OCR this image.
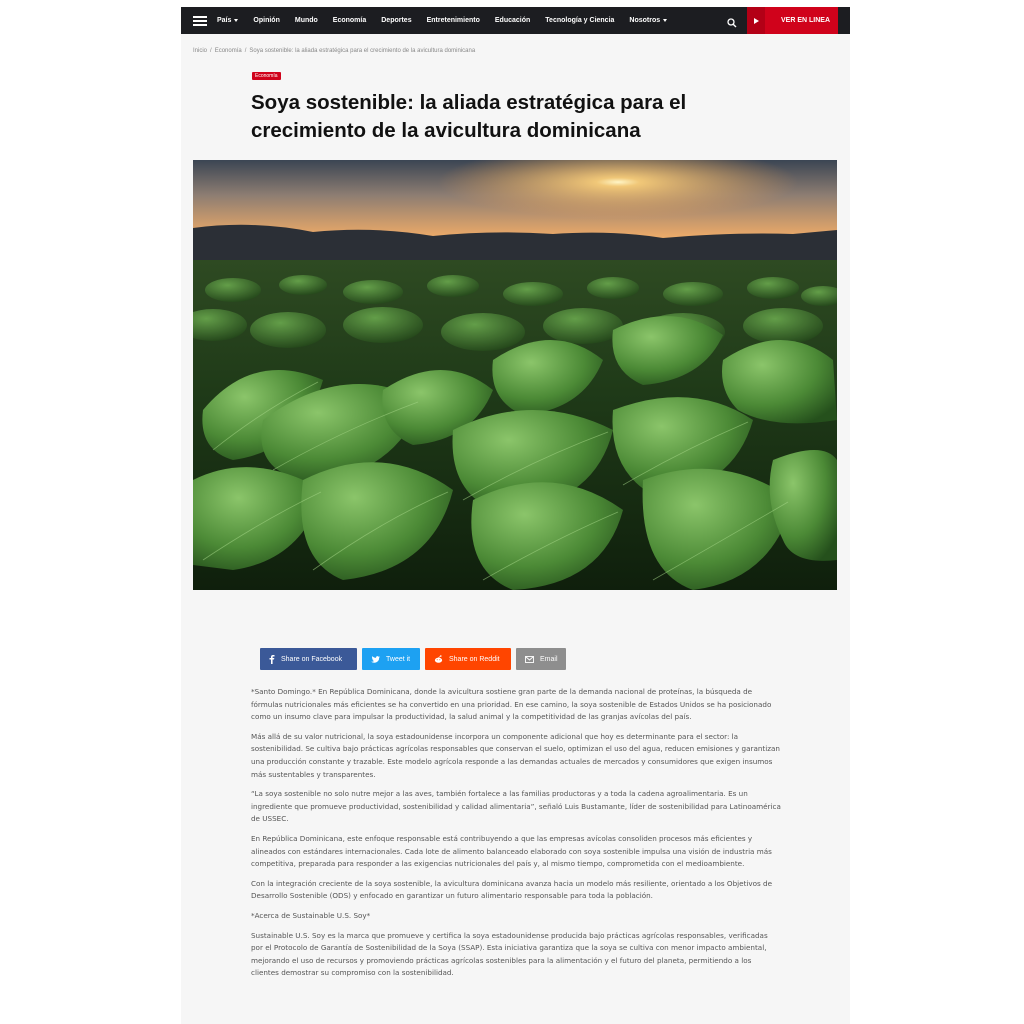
País	Opinión Mundo Economía Deportes Entretenimiento Educación Tecnología y Ciencia Nosotros	VER EN LINEA
Inicio / Economía / Soya sostenible: la aliada estratégica para el crecimiento de la avicultura dominicana
Economía
Soya sostenible: la aliada estratégica para el crecimiento de la avicultura dominicana
Share on Facebook	Tweet it	Share on Reddit	Email

*Santo Domingo.* En República Dominicana, donde la avicultura sostiene gran parte de la demanda nacional de proteínas, la búsqueda de fórmulas nutricionales más eficientes se ha convertido en una prioridad. En ese camino, la soya sostenible de Estados Unidos se ha posicionado como un insumo clave para impulsar la productividad, la salud animal y la competitividad de las granjas avícolas del país.

Más allá de su valor nutricional, la soya estadounidense incorpora un componente adicional que hoy es determinante para el sector: la sostenibilidad. Se cultiva bajo prácticas agrícolas responsables que conservan el suelo, optimizan el uso del agua, reducen emisiones y garantizan una producción constante y trazable. Este modelo agrícola responde a las demandas actuales de mercados y consumidores que exigen insumos más sustentables y transparentes.

“La soya sostenible no solo nutre mejor a las aves, también fortalece a las familias productoras y a toda la cadena agroalimentaria. Es un ingrediente que promueve productividad, sostenibilidad y calidad alimentaria”, señaló Luis Bustamante, líder de sostenibilidad para Latinoamérica de USSEC.

En República Dominicana, este enfoque responsable está contribuyendo a que las empresas avícolas consoliden procesos más eficientes y alineados con estándares internacionales. Cada lote de alimento balanceado elaborado con soya sostenible impulsa una visión de industria más competitiva, preparada para responder a las exigencias nutricionales del país y, al mismo tiempo, comprometida con el medioambiente.

Con la integración creciente de la soya sostenible, la avicultura dominicana avanza hacia un modelo más resiliente, orientado a los Objetivos de Desarrollo Sostenible (ODS) y enfocado en garantizar un futuro alimentario responsable para toda la población.

*Acerca de Sustainable U.S. Soy*

Sustainable U.S. Soy es la marca que promueve y certifica la soya estadounidense producida bajo prácticas agrícolas responsables, verificadas por el Protocolo de Garantía de Sostenibilidad de la Soya (SSAP). Esta iniciativa garantiza que la soya se cultiva con menor impacto ambiental, mejorando el uso de recursos y promoviendo prácticas agrícolas sostenibles para la alimentación y el futuro del planeta, permitiendo a los clientes demostrar su compromiso con la sostenibilidad.
